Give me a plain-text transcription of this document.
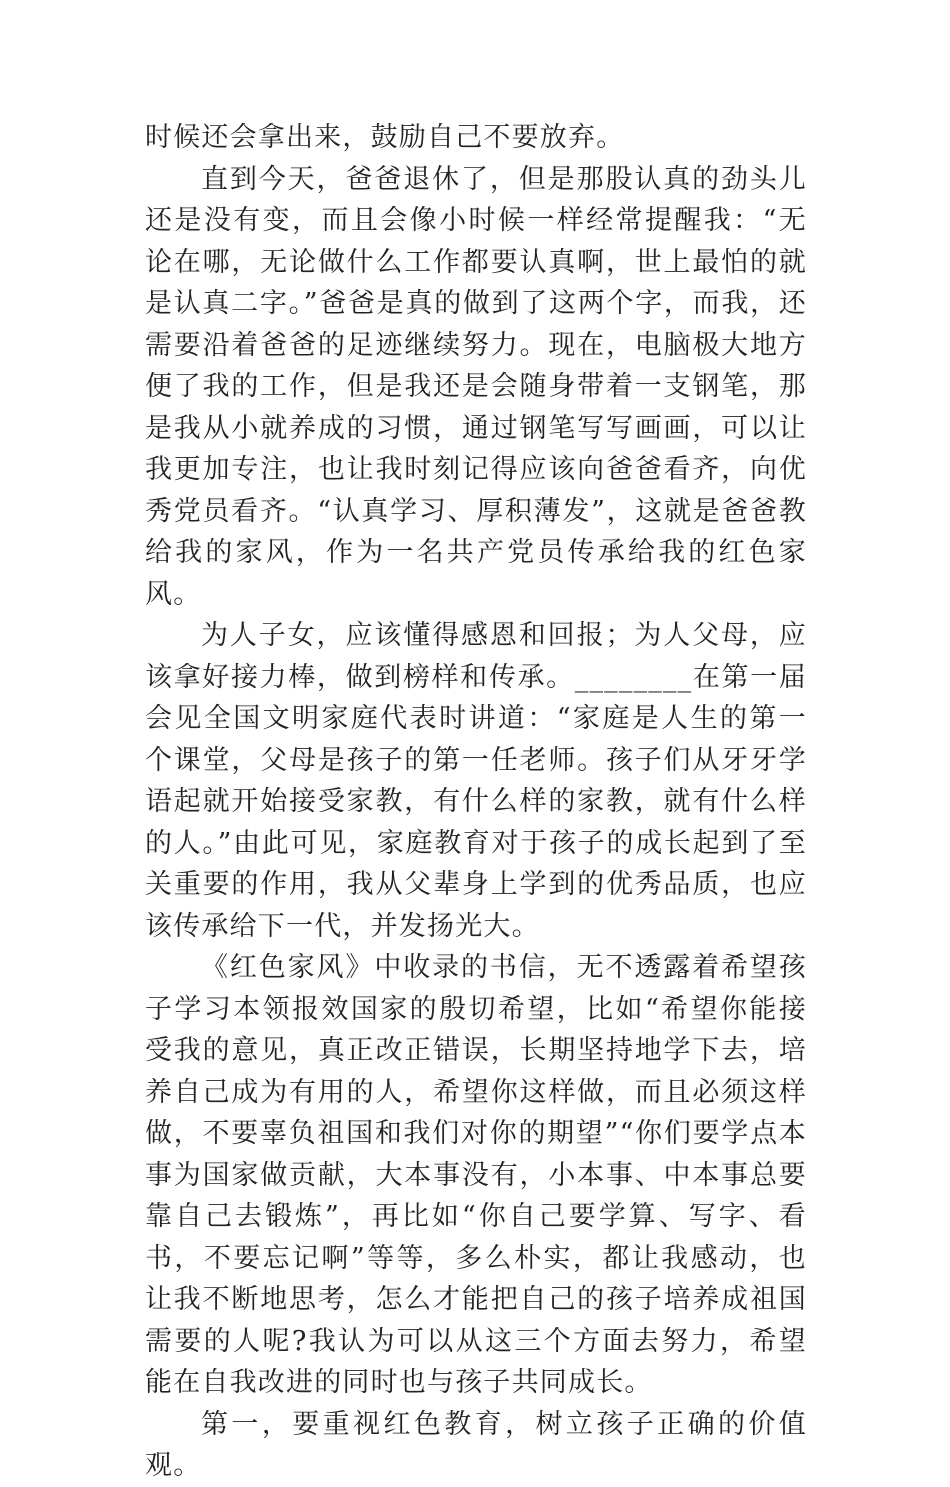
时候还会拿出来，鼓励自己不要放弃。

直到今天，爸爸退休了，但是那股认真的劲头儿还是没有变，而且会像小时候一样经常提醒我：“无论在哪，无论做什么工作都要认真啊，世上最怕的就是认真二字。”爸爸是真的做到了这两个字，而我，还需要沿着爸爸的足迹继续努力。现在，电脑极大地方便了我的工作，但是我还是会随身带着一支钢笔，那是我从小就养成的习惯，通过钢笔写写画画，可以让我更加专注，也让我时刻记得应该向爸爸看齐，向优秀党员看齐。“认真学习、厚积薄发”，这就是爸爸教给我的家风，作为一名共产党员传承给我的红色家风。

为人子女，应该懂得感恩和回报；为人父母，应该拿好接力棒，做到榜样和传承。________在第一届会见全国文明家庭代表时讲道：“家庭是人生的第一个课堂，父母是孩子的第一任老师。孩子们从牙牙学语起就开始接受家教，有什么样的家教，就有什么样的人。”由此可见，家庭教育对于孩子的成长起到了至关重要的作用，我从父辈身上学到的优秀品质，也应该传承给下一代，并发扬光大。

《红色家风》中收录的书信，无不透露着希望孩子学习本领报效国家的殷切希望，比如“希望你能接受我的意见，真正改正错误，长期坚持地学下去，培养自己成为有用的人，希望你这样做，而且必须这样做，不要辜负祖国和我们对你的期望”“你们要学点本事为国家做贡献，大本事没有，小本事、中本事总要靠自己去锻炼”，再比如“你自己要学算、写字、看书，不要忘记啊”等等，多么朴实，都让我感动，也让我不断地思考，怎么才能把自己的孩子培养成祖国需要的人呢?我认为可以从这三个方面去努力，希望能在自我改进的同时也与孩子共同成长。

第一，要重视红色教育，树立孩子正确的价值观。
